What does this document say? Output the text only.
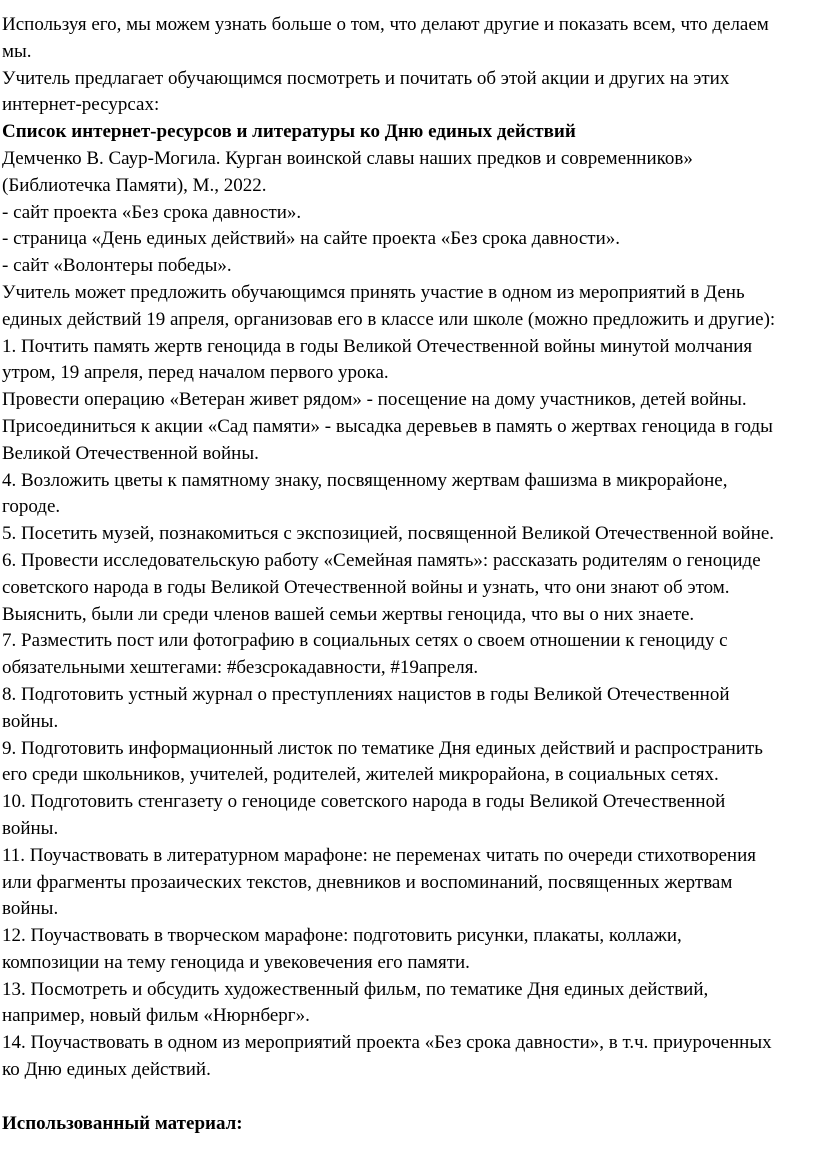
Используя его, мы можем узнать больше о том, что делают другие и показать всем, что делаем
мы.
Учитель предлагает обучающимся посмотреть и почитать об этой акции и других на этих
интернет-ресурсах:
Список интернет-ресурсов и литературы ко Дню единых действий
Демченко В. Саур-Могила. Курган воинской славы наших предков и современников»
(Библиотечка Памяти), М., 2022.
- сайт проекта «Без срока давности».
- страница «День единых действий» на сайте проекта «Без срока давности».
- сайт «Волонтеры победы».
Учитель может предложить обучающимся принять участие в одном из мероприятий в День
единых действий 19 апреля, организовав его в классе или школе (можно предложить и другие):
1. Почтить память жертв геноцида в годы Великой Отечественной войны минутой молчания
утром, 19 апреля, перед началом первого урока.
Провести операцию «Ветеран живет рядом» - посещение на дому участников, детей войны.
Присоединиться к акции «Сад памяти» - высадка деревьев в память о жертвах геноцида в годы
Великой Отечественной войны.
4. Возложить цветы к памятному знаку, посвященному жертвам фашизма в микрорайоне,
городе.
5. Посетить музей, познакомиться с экспозицией, посвященной Великой Отечественной войне.
6. Провести исследовательскую работу «Семейная память»: рассказать родителям о геноциде
советского народа в годы Великой Отечественной войны и узнать, что они знают об этом.
Выяснить, были ли среди членов вашей семьи жертвы геноцида, что вы о них знаете.
7. Разместить пост или фотографию в социальных сетях о своем отношении к геноциду с
обязательными хештегами: #безсрокадавности, #19апреля.
8. Подготовить устный журнал о преступлениях нацистов в годы Великой Отечественной
войны.
9. Подготовить информационный листок по тематике Дня единых действий и распространить
его среди школьников, учителей, родителей, жителей микрорайона, в социальных сетях.
10. Подготовить стенгазету о геноциде советского народа в годы Великой Отечественной
войны.
11. Поучаствовать в литературном марафоне: не переменах читать по очереди стихотворения
или фрагменты прозаических текстов, дневников и воспоминаний, посвященных жертвам
войны.
12. Поучаствовать в творческом марафоне: подготовить рисунки, плакаты, коллажи,
композиции на тему геноцида и увековечения его памяти.
13. Посмотреть и обсудить художественный фильм, по тематике Дня единых действий,
например, новый фильм «Нюрнберг».
14. Поучаствовать в одном из мероприятий проекта «Без срока давности», в т.ч. приуроченных
ко Дню единых действий.
Использованный материал:
